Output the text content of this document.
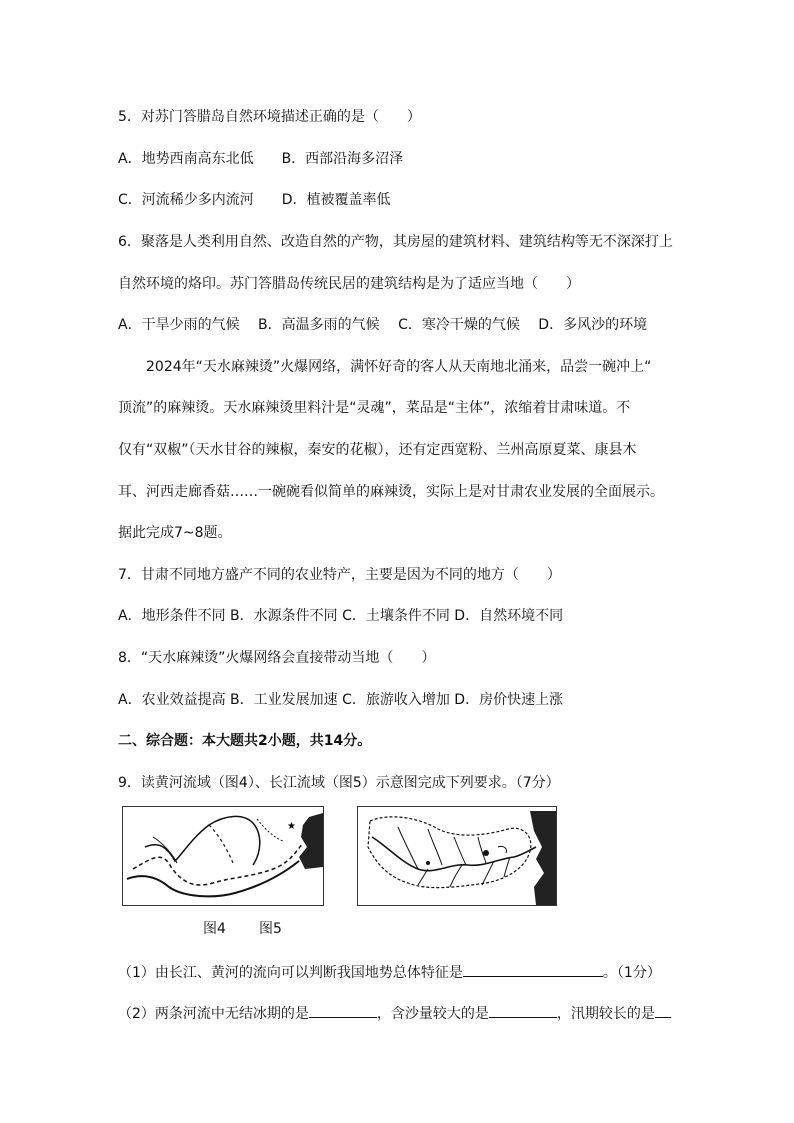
5．对苏门答腊岛自然环境描述正确的是（　　）
A．地势西南高东北低　　B．西部沿海多沼泽
C．河流稀少多内流河　　D．植被覆盖率低
6．聚落是人类利用自然、改造自然的产物，其房屋的建筑材料、建筑结构等无不深深打上
自然环境的烙印。苏门答腊岛传统民居的建筑结构是为了适应当地（　　）
A．干旱少雨的气候　 B．高温多雨的气候　 C．寒冷干燥的气候　 D．多风沙的环境
2024年“天水麻辣烫”火爆网络，满怀好奇的客人从天南地北涌来，品尝一碗冲上“
顶流”的麻辣烫。天水麻辣烫里料汁是“灵魂”，菜品是“主体”，浓缩着甘肃味道。不
仅有“双椒”（天水甘谷的辣椒，秦安的花椒），还有定西宽粉、兰州高原夏菜、康县木
耳、河西走廊香菇……一碗碗看似简单的麻辣烫，实际上是对甘肃农业发展的全面展示。
据此完成7~8题。
7．甘肃不同地方盛产不同的农业特产，主要是因为不同的地方（　　）
A．地形条件不同 B．水源条件不同 C．土壤条件不同 D．自然环境不同
8．“天水麻辣烫”火爆网络会直接带动当地（　　）
A．农业效益提高 B．工业发展加速 C．旅游收入增加 D．房价快速上涨
二、综合题：本大题共2小题，共14分。
9．读黄河流域（图4）、长江流域（图5）示意图完成下列要求。（7分）
★
图4 图5
（1）由长江、黄河的流向可以判断我国地势总体特征是	。（1分）
（2）两条河流中无结冰期的是	，含沙量较大的是	，汛期较长的是
